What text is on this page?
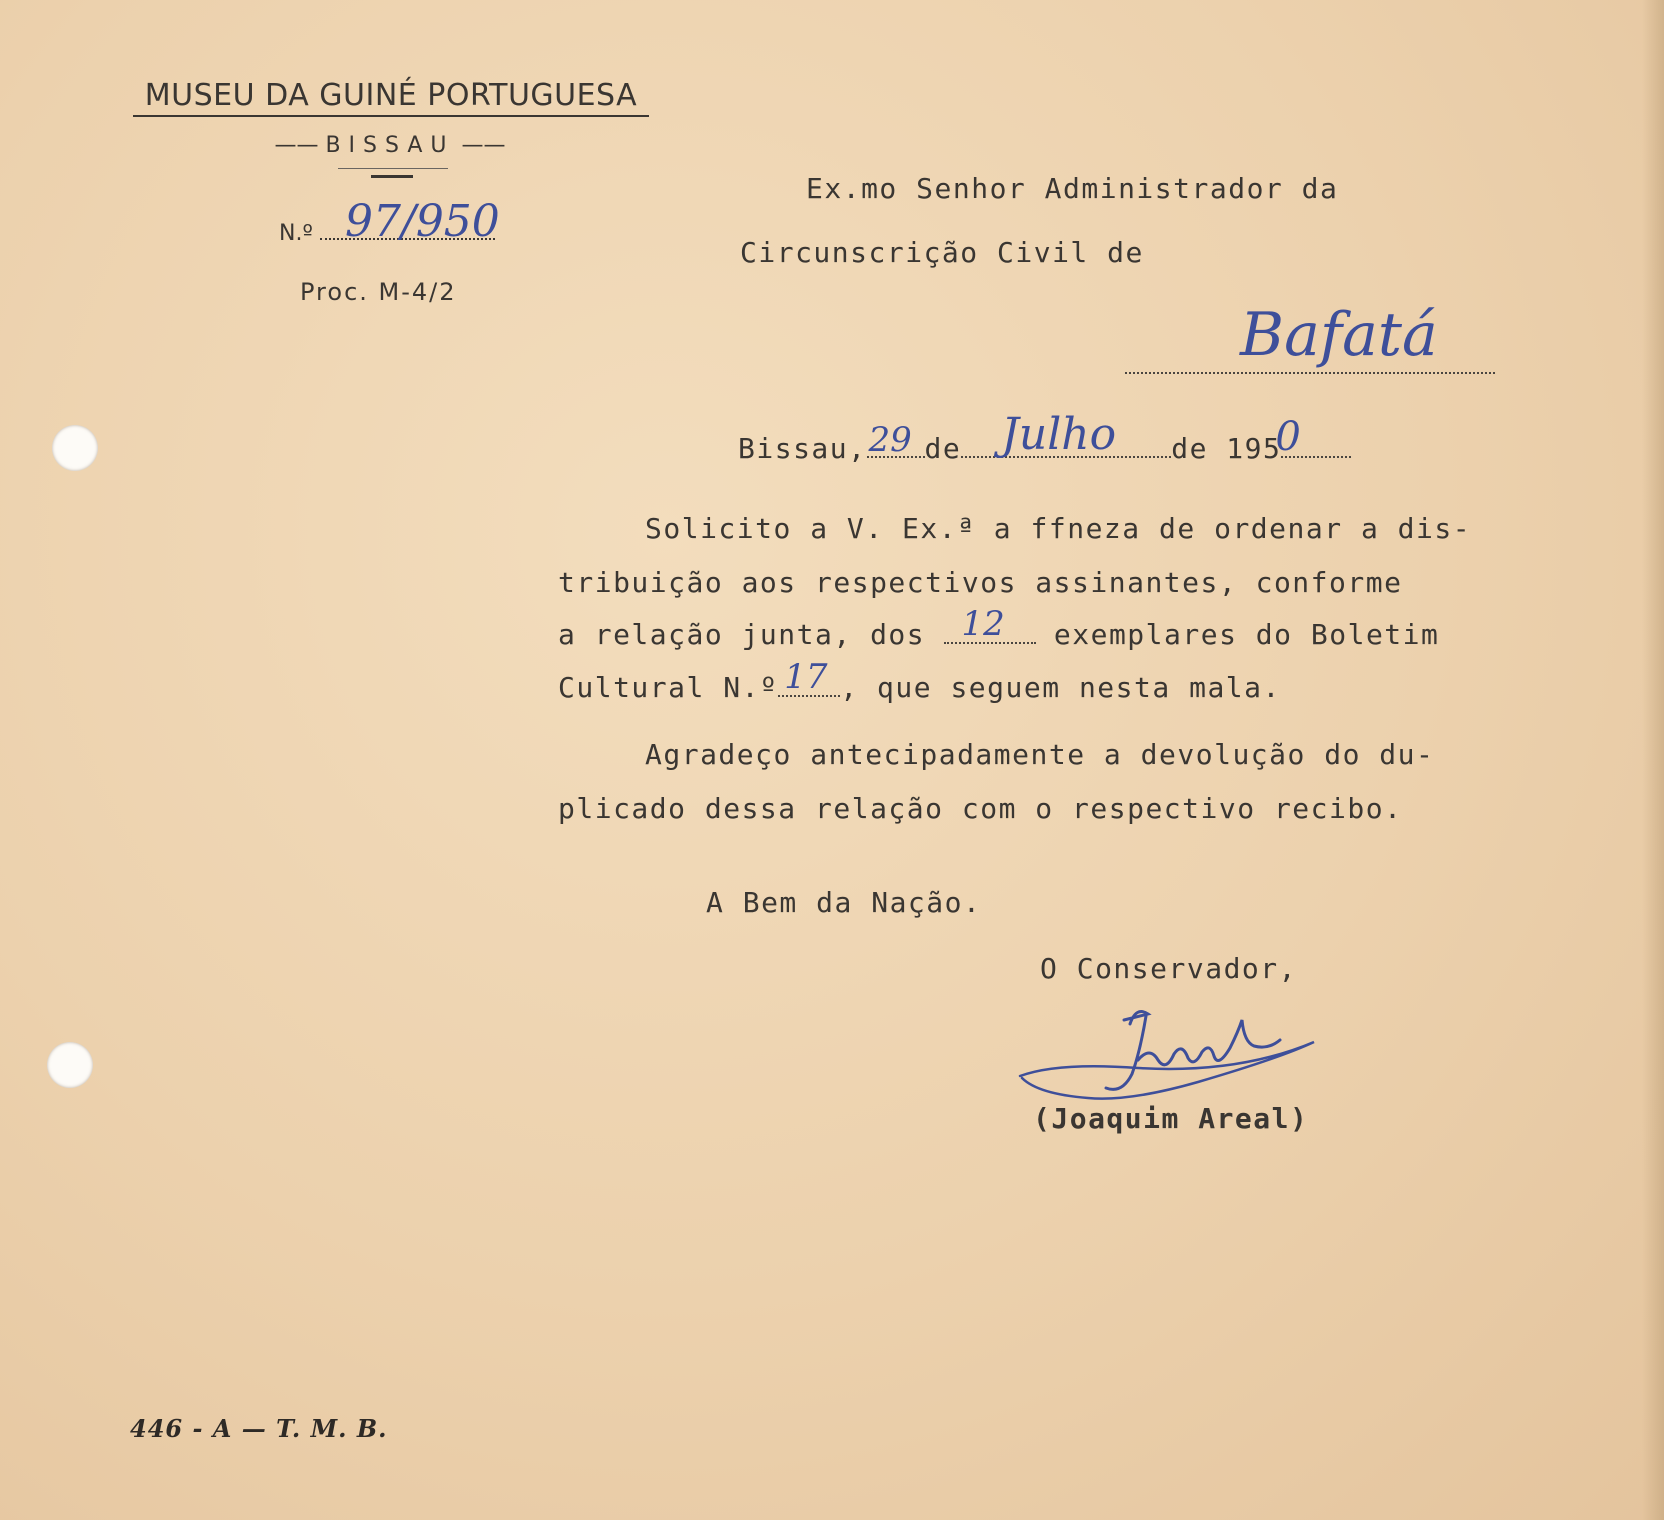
MUSEU DA GUINÉ PORTUGUESA
—— BISSAU ——
N.º 97/950
Proc. M-4/2
Ex.mo Senhor Administrador da
Circunscrição Civil de
Bafatá
Bissau, 29 de Julho de 195
0
Solicito a V. Ex.ª a ffneza de ordenar a dis-
tribuição aos respectivos assinantes, conforme
a relação junta, dos 12 exemplares do Boletim
Cultural N.º 17 , que seguem nesta mala.
Agradeço antecipadamente a devolução do du-
plicado dessa relação com o respectivo recibo.
A Bem da Nação.
O Conservador,
(Joaquim Areal)
446 - A — T. M. B.
